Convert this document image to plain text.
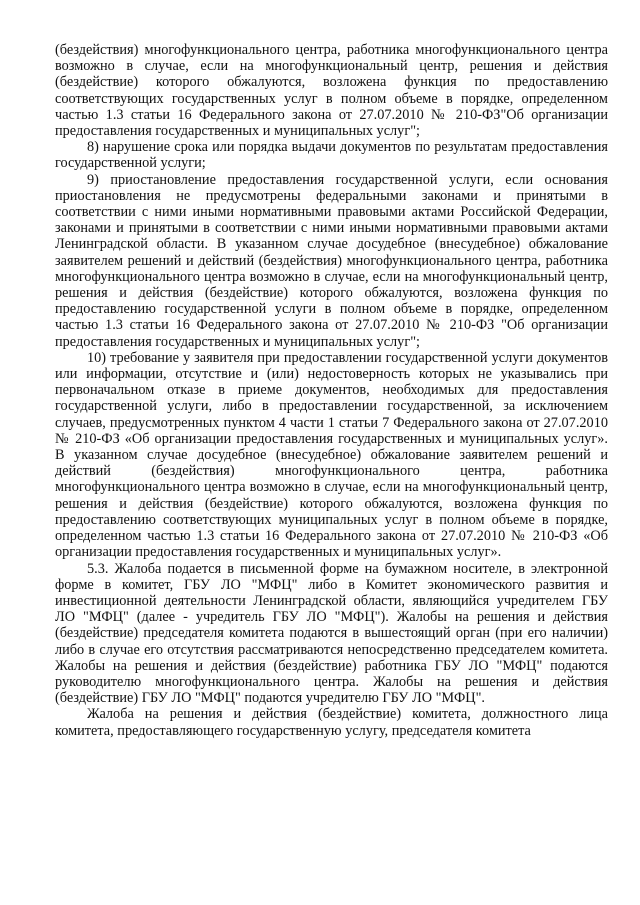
(бездействия) многофункционального центра, работника многофункционального центра возможно в случае, если на многофункциональный центр, решения и действия (бездействие) которого обжалуются, возложена функция по предоставлению соответствующих государственных услуг в полном объеме в порядке, определенном частью 1.3 статьи 16 Федерального закона от 27.07.2010 № 210-ФЗ"Об организации предоставления государственных и муниципальных услуг";

8) нарушение срока или порядка выдачи документов по результатам предоставления государственной услуги;

9) приостановление предоставления государственной услуги, если основания приостановления не предусмотрены федеральными законами и принятыми в соответствии с ними иными нормативными правовыми актами Российской Федерации, законами и принятыми в соответствии с ними иными нормативными правовыми актами Ленинградской области. В указанном случае досудебное (внесудебное) обжалование заявителем решений и действий (бездействия) многофункционального центра, работника многофункционального центра возможно в случае, если на многофункциональный центр, решения и действия (бездействие) которого обжалуются, возложена функция по предоставлению государственной услуги в полном объеме в порядке, определенном частью 1.3 статьи 16 Федерального закона от 27.07.2010 № 210-ФЗ "Об организации предоставления государственных и муниципальных услуг";

10) требование у заявителя при предоставлении государственной услуги документов или информации, отсутствие и (или) недостоверность которых не указывались при первоначальном отказе в приеме документов, необходимых для предоставления государственной услуги, либо в предоставлении государственной, за исключением случаев, предусмотренных пунктом 4 части 1 статьи 7 Федерального закона от 27.07.2010 № 210-ФЗ «Об организации предоставления государственных и муниципальных услуг». В указанном случае досудебное (внесудебное) обжалование заявителем решений и действий (бездействия) многофункционального центра, работника многофункционального центра возможно в случае, если на многофункциональный центр, решения и действия (бездействие) которого обжалуются, возложена функция по предоставлению соответствующих муниципальных услуг в полном объеме в порядке, определенном частью 1.3 статьи 16 Федерального закона от 27.07.2010 № 210-ФЗ «Об организации предоставления государственных и муниципальных услуг».

5.3. Жалоба подается в письменной форме на бумажном носителе, в электронной форме в комитет, ГБУ ЛО "МФЦ" либо в Комитет экономического развития и инвестиционной деятельности Ленинградской области, являющийся учредителем ГБУ ЛО "МФЦ" (далее - учредитель ГБУ ЛО "МФЦ"). Жалобы на решения и действия (бездействие) председателя комитета подаются в вышестоящий орган (при его наличии) либо в случае его отсутствия рассматриваются непосредственно председателем комитета. Жалобы на решения и действия (бездействие) работника ГБУ ЛО "МФЦ" подаются руководителю многофункционального центра. Жалобы на решения и действия (бездействие) ГБУ ЛО "МФЦ" подаются учредителю ГБУ ЛО "МФЦ".

Жалоба на решения и действия (бездействие) комитета, должностного лица комитета, предоставляющего государственную услугу, председателя комитета
